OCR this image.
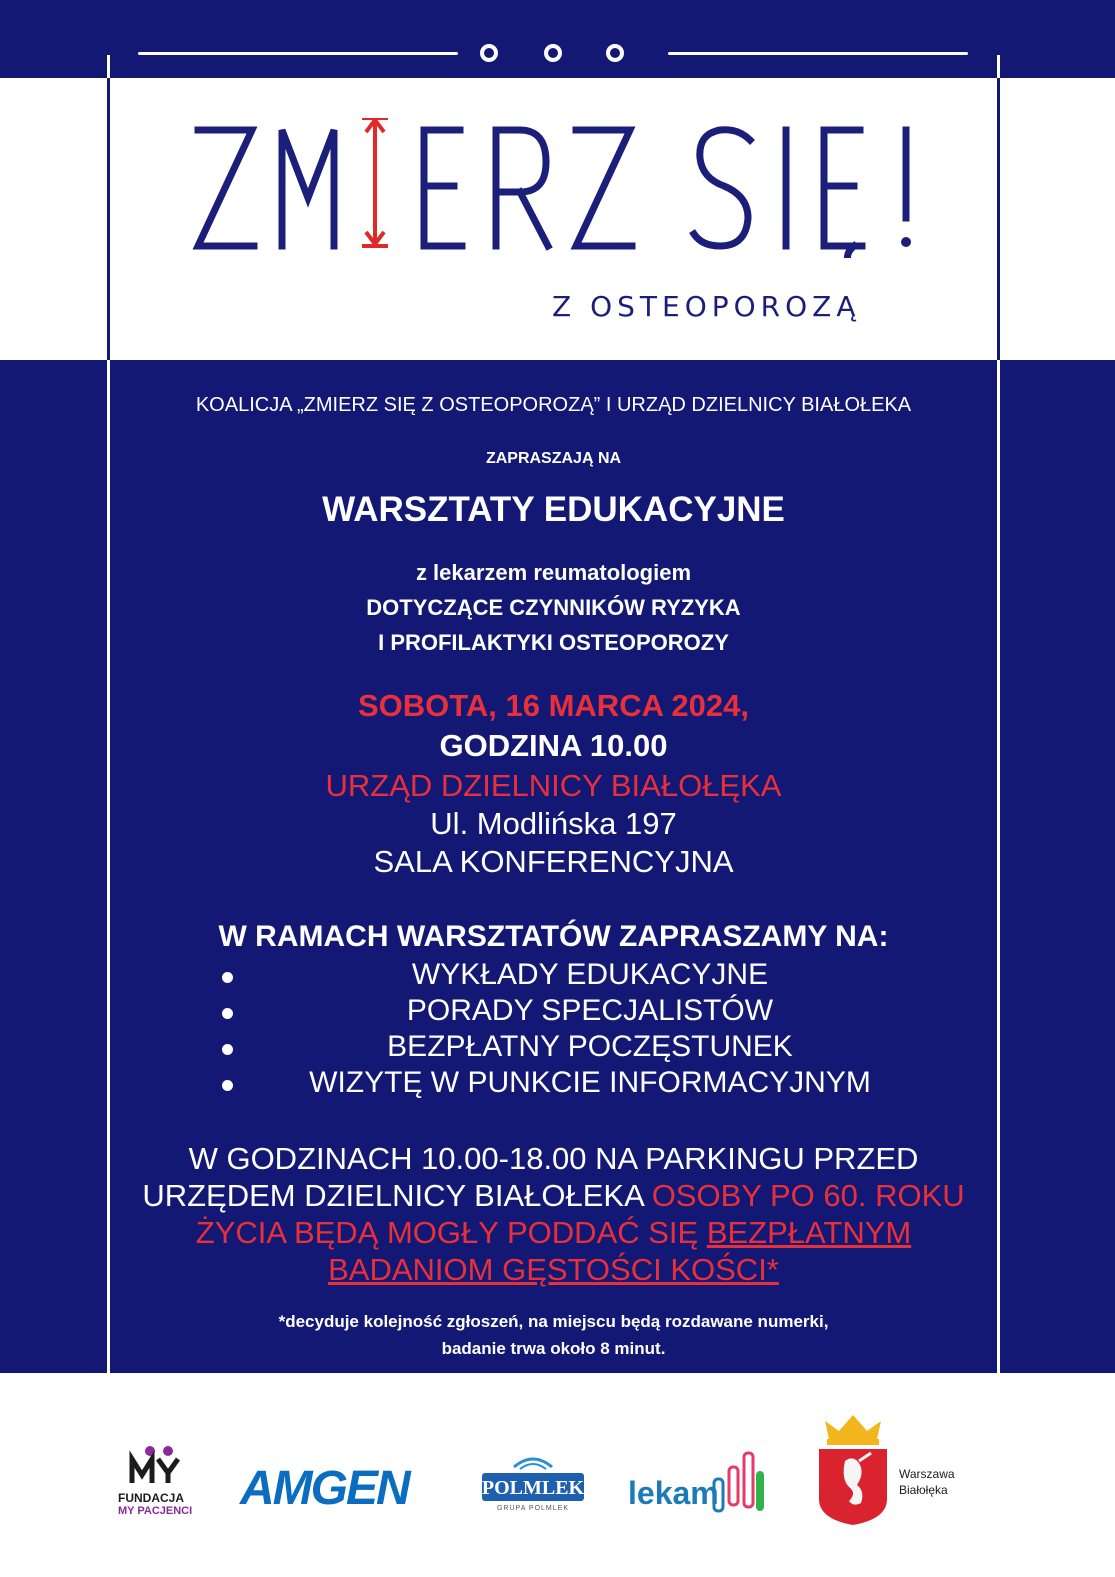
Z OSTEOPOROZĄ
KOALICJA „ZMIERZ SIĘ Z OSTEOPOROZĄ” I URZĄD DZIELNICY BIAŁOŁEKA
ZAPRASZAJĄ NA
WARSZTATY EDUKACYJNE
z lekarzem reumatologiem
DOTYCZĄCE CZYNNIKÓW RYZYKA
I PROFILAKTYKI OSTEOPOROZY
SOBOTA, 16 MARCA 2024,
GODZINA 10.00
URZĄD DZIELNICY BIAŁOŁĘKA
Ul. Modlińska 197
SALA KONFERENCYJNA
W RAMACH WARSZTATÓW ZAPRASZAMY NA:
WYKŁADY EDUKACYJNE
PORADY SPECJALISTÓW
BEZPŁATNY POCZĘSTUNEK
WIZYTĘ W PUNKCIE INFORMACYJNYM
W GODZINACH 10.00-18.00 NA PARKINGU PRZED URZĘDEM DZIELNICY BIAŁOŁEKA OSOBY PO 60. ROKU ŻYCIA BĘDĄ MOGŁY PODDAĆ SIĘ BEZPŁATNYM BADANIOM GĘSTOŚCI KOŚCI*
*decyduje kolejność zgłoszeń, na miejscu będą rozdawane numerki,
badanie trwa około 8 minut.
FUNDACJA
MY PACJENCI AMGEN	POLMLEK
GRUPA POLMLEK	lekam
Warszawa
Białołęka
